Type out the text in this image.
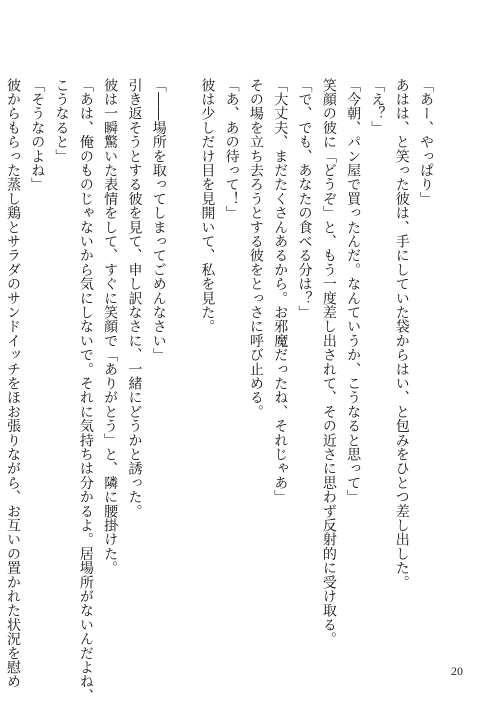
「あー、やっぱり」
あはは、と笑った彼は、手にしていた袋からはい、と包みをひとつ差し出した。
「え？」
「今朝、パン屋で買ったんだ。なんていうか、こうなると思って」
笑顔の彼に「どうぞ」と、もう一度差し出されて、その近さに思わず反射的に受け取る。
「で、でも、あなたの食べる分は？」
「大丈夫、まだたくさんあるから。お邪魔だったね、それじゃあ」
その場を立ち去ろうとする彼をとっさに呼び止める。
「あ、あの待って！」
彼は少しだけ目を見開いて、私を見た。
「――場所を取ってしまってごめんなさい」
引き返そうとする彼を見て、申し訳なさに、一緒にどうかと誘った。
彼は一瞬驚いた表情をして、すぐに笑顔で「ありがとう」と、隣に腰掛けた。
「あは、俺のものじゃないから気にしないで。それに気持ちは分かるよ。居場所がないんだよね、
こうなると」
「そうなのよね」
彼からもらった蒸し鶏とサラダのサンドイッチをほお張りながら、お互いの置かれた状況を慰め	20
